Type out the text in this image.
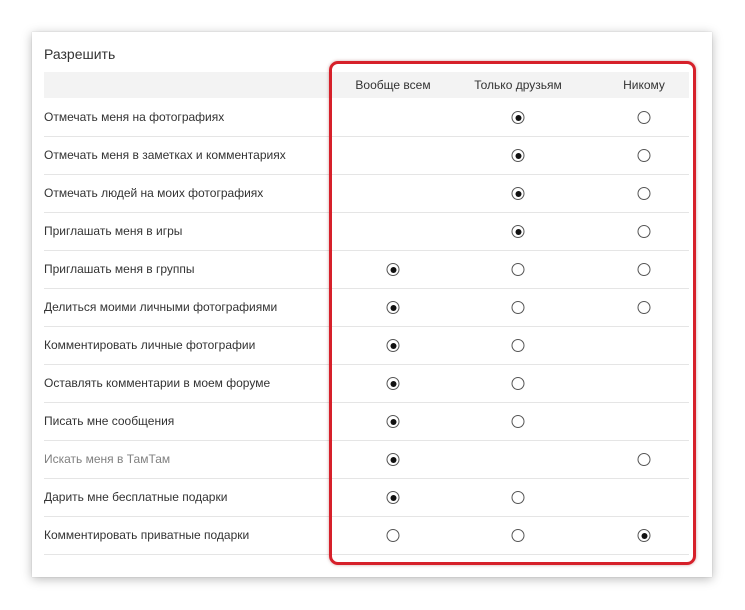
Разрешить
Вообще всем	Только друзьям	Никому
Отмечать меня на фотографиях
Отмечать меня в заметках и комментариях
Отмечать людей на моих фотографиях
Приглашать меня в игры
Приглашать меня в группы
Делиться моими личными фотографиями
Комментировать личные фотографии
Оставлять комментарии в моем форуме
Писать мне сообщения
Искать меня в ТамТам
Дарить мне бесплатные подарки
Комментировать приватные подарки
